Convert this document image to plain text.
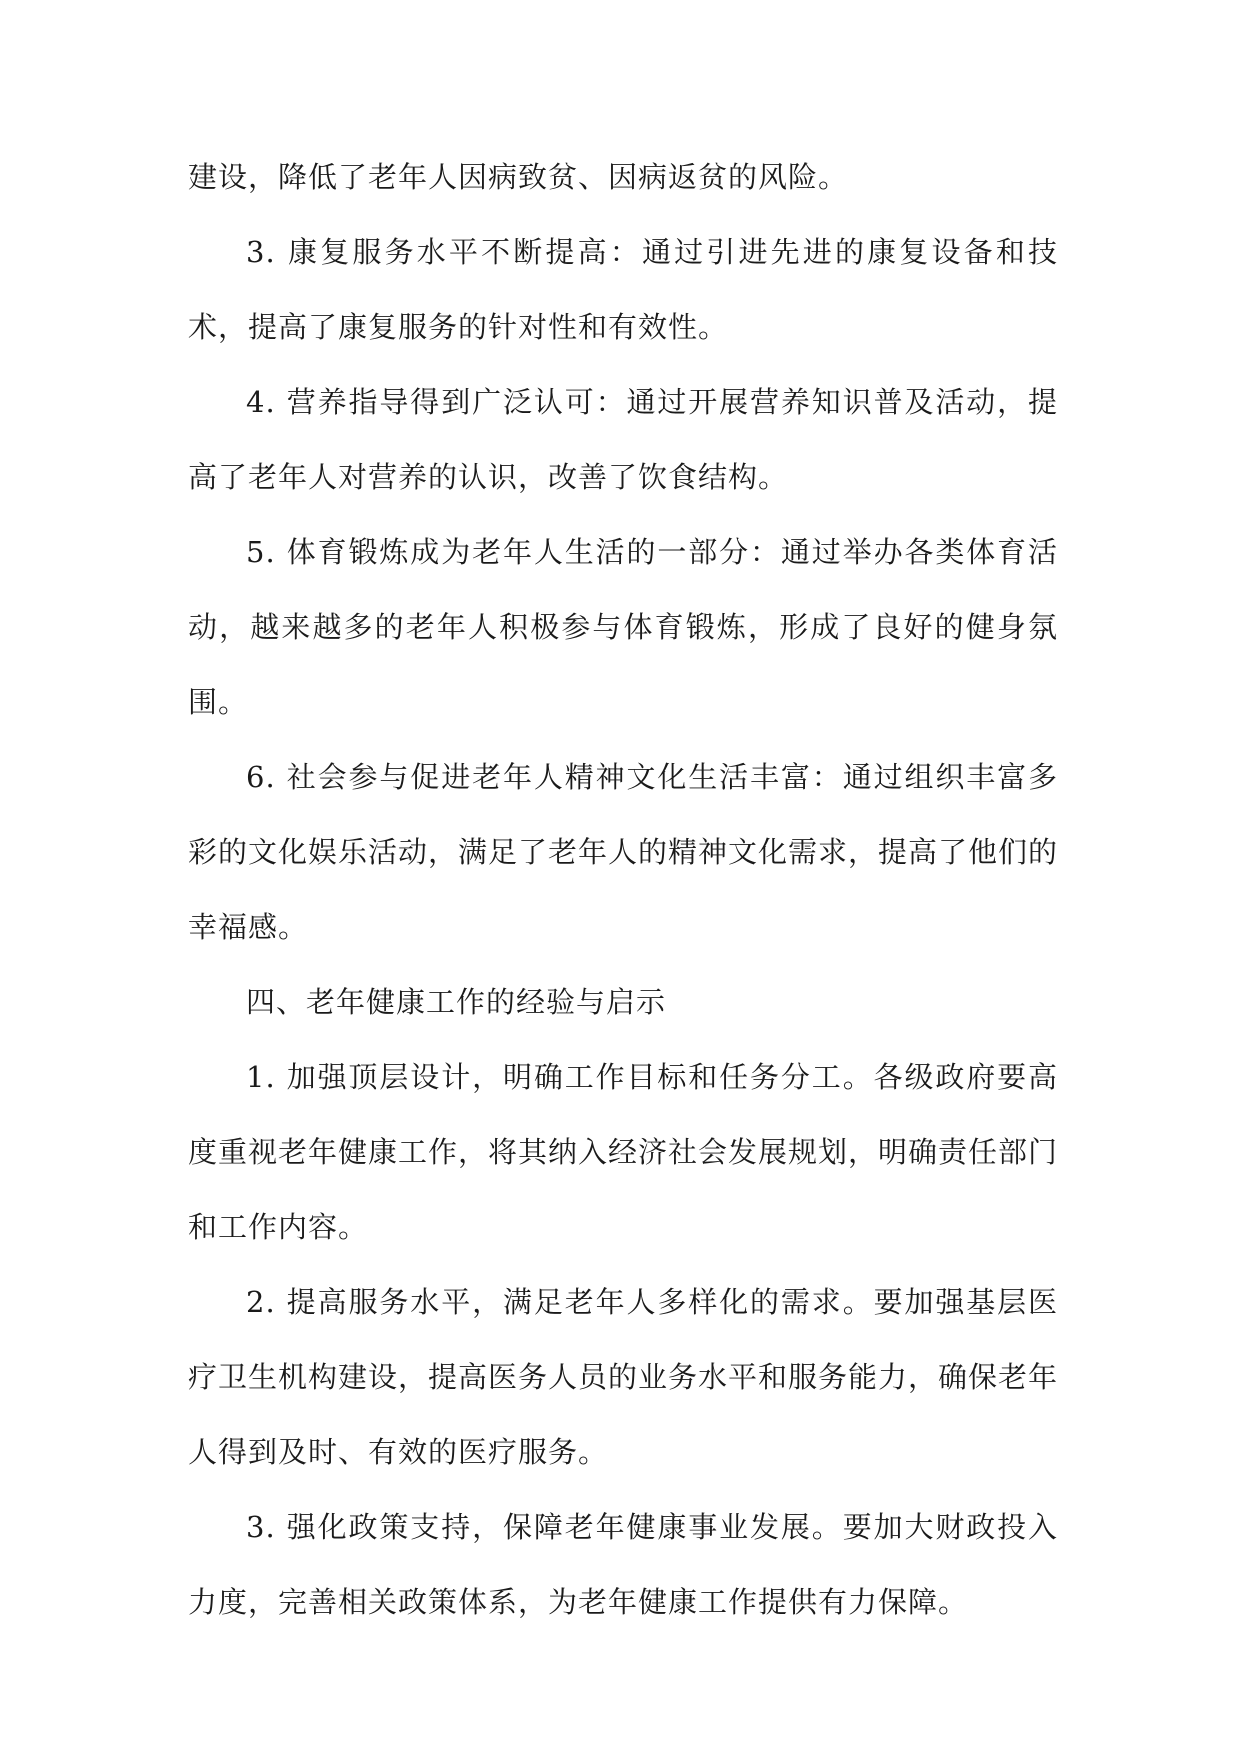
建设，降低了老年人因病致贫、因病返贫的风险。

3. 康复服务水平不断提高：通过引进先进的康复设备和技术，提高了康复服务的针对性和有效性。

4. 营养指导得到广泛认可：通过开展营养知识普及活动，提高了老年人对营养的认识，改善了饮食结构。

5. 体育锻炼成为老年人生活的一部分：通过举办各类体育活动，越来越多的老年人积极参与体育锻炼，形成了良好的健身氛围。

6. 社会参与促进老年人精神文化生活丰富：通过组织丰富多彩的文化娱乐活动，满足了老年人的精神文化需求，提高了他们的幸福感。

四、老年健康工作的经验与启示

1. 加强顶层设计，明确工作目标和任务分工。各级政府要高度重视老年健康工作，将其纳入经济社会发展规划，明确责任部门和工作内容。

2. 提高服务水平，满足老年人多样化的需求。要加强基层医疗卫生机构建设，提高医务人员的业务水平和服务能力，确保老年人得到及时、有效的医疗服务。

3. 强化政策支持，保障老年健康事业发展。要加大财政投入力度，完善相关政策体系，为老年健康工作提供有力保障。
